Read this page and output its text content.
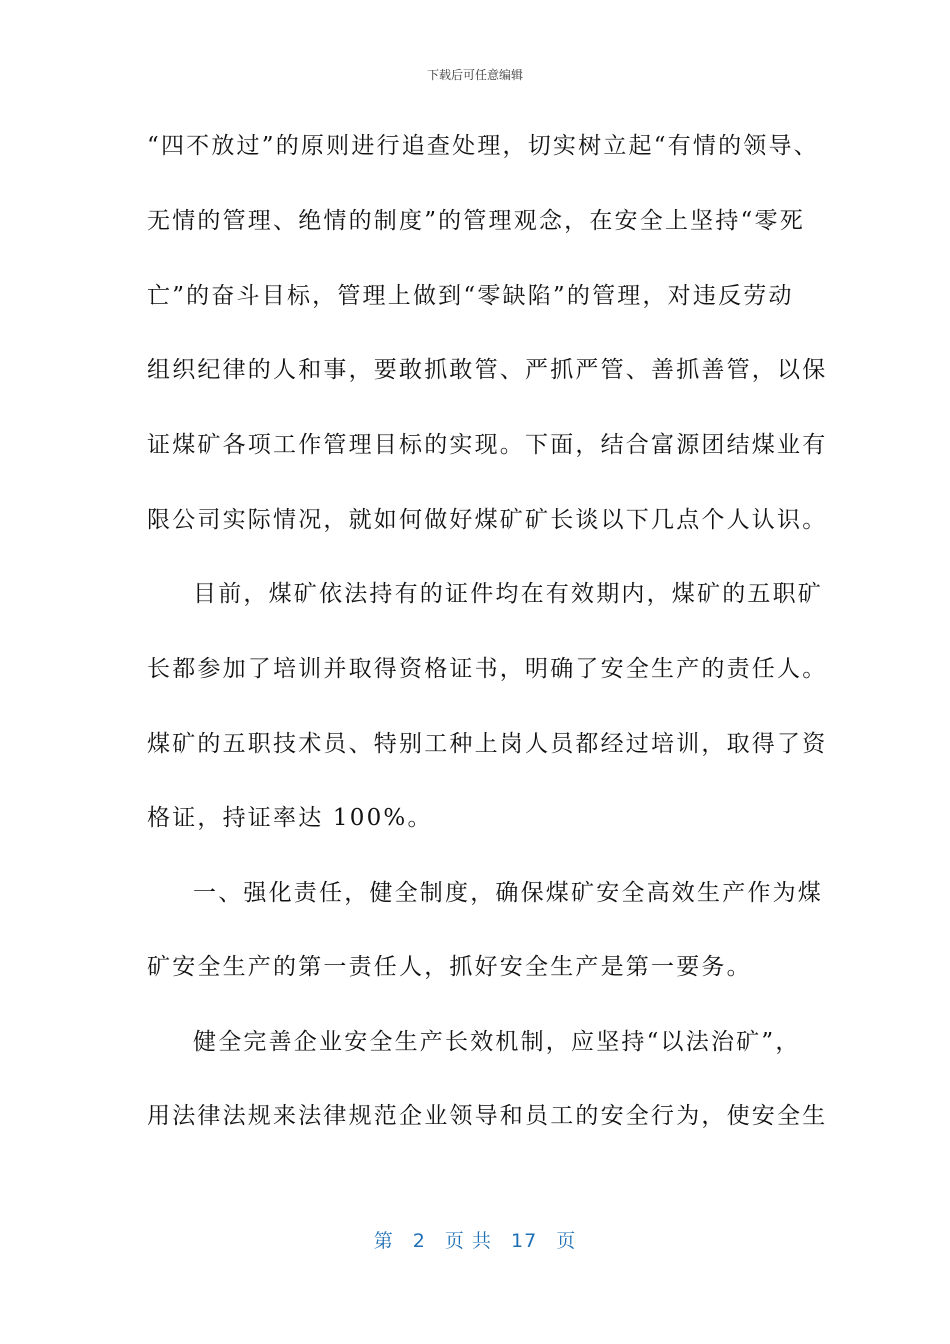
下载后可任意编辑
“四不放过”的原则进行追查处理，切实树立起“有情的领导、
无情的管理、绝情的制度”的管理观念，在安全上坚持“零死
亡”的奋斗目标，管理上做到“零缺陷”的管理，对违反劳动
组织纪律的人和事，要敢抓敢管、严抓严管、善抓善管，以保
证煤矿各项工作管理目标的实现。下面，结合富源团结煤业有
限公司实际情况，就如何做好煤矿矿长谈以下几点个人认识。
目前，煤矿依法持有的证件均在有效期内，煤矿的五职矿
长都参加了培训并取得资格证书，明确了安全生产的责任人。
煤矿的五职技术员、特别工种上岗人员都经过培训，取得了资
格证，持证率达 100%。
一、强化责任，健全制度，确保煤矿安全高效生产作为煤
矿安全生产的第一责任人，抓好安全生产是第一要务。
健全完善企业安全生产长效机制，应坚持“以法治矿”，
用法律法规来法律规范企业领导和员工的安全行为，使安全生
第 2 页 共 17 页
